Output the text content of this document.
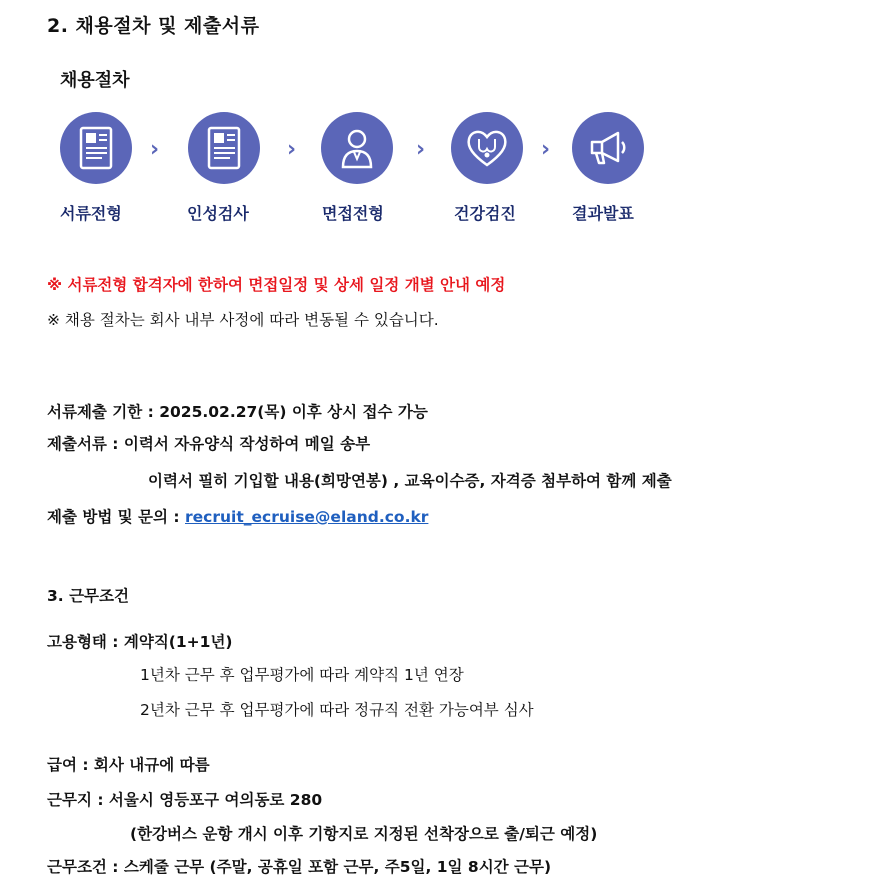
2. 채용절차 및 제출서류
채용절차
›	›	›	›
서류전형	인성검사	면접전형	건강검진	결과발표
※ 서류전형 합격자에 한하여 면접일정 및 상세 일정 개별 안내 예정
※ 채용 절차는 회사 내부 사정에 따라 변동될 수 있습니다.
서류제출 기한 : 2025.02.27(목) 이후 상시 접수 가능
제출서류 : 이력서 자유양식 작성하여 메일 송부
이력서 필히 기입할 내용(희망연봉) , 교육이수증, 자격증 첨부하여 함께 제출
제출 방법 및 문의 : recruit_ecruise@eland.co.kr
3. 근무조건
고용형태 : 계약직(1+1년)
1년차 근무 후 업무평가에 따라 계약직 1년 연장
2년차 근무 후 업무평가에 따라 정규직 전환 가능여부 심사
급여 : 회사 내규에 따름
근무지 : 서울시 영등포구 여의동로 280
(한강버스 운항 개시 이후 기항지로 지정된 선착장으로 출/퇴근 예정)
근무조건 : 스케줄 근무 (주말, 공휴일 포함 근무, 주5일, 1일 8시간 근무)
